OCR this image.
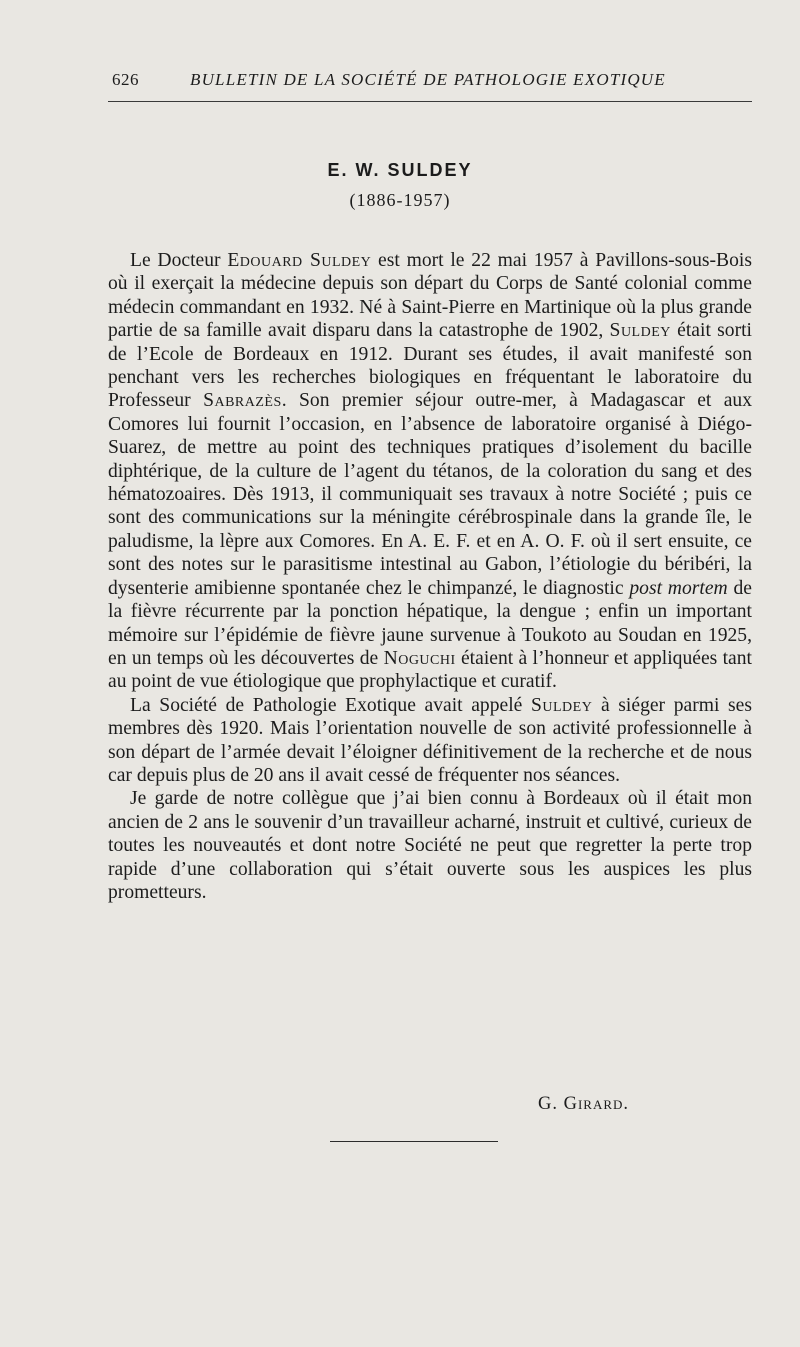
626	BULLETIN DE LA SOCIÉTÉ DE PATHOLOGIE EXOTIQUE
E. W. SULDEY
(1886-1957)

Le Docteur Edouard Suldey est mort le 22 mai 1957 à Pavillons-sous-Bois où il exerçait la médecine depuis son départ du Corps de Santé colonial comme médecin commandant en 1932. Né à Saint-Pierre en Martinique où la plus grande partie de sa famille avait disparu dans la catastrophe de 1902, Suldey était sorti de l’Ecole de Bordeaux en 1912. Durant ses études, il avait manifesté son penchant vers les recherches biologiques en fréquentant le laboratoire du Professeur Sabrazès. Son premier séjour outre-mer, à Madagascar et aux Comores lui fournit l’occasion, en l’absence de laboratoire organisé à Diégo-Suarez, de mettre au point des techniques pratiques d’isolement du bacille diphtérique, de la culture de l’agent du tétanos, de la coloration du sang et des hématozoaires. Dès 1913, il communiquait ses travaux à notre Société ; puis ce sont des communications sur la méningite cérébrospinale dans la grande île, le paludisme, la lèpre aux Comores. En A. E. F. et en A. O. F. où il sert ensuite, ce sont des notes sur le parasitisme intestinal au Gabon, l’étiologie du béribéri, la dysenterie amibienne spontanée chez le chimpanzé, le diagnostic post mortem de la fièvre récurrente par la ponction hépatique, la dengue ; enfin un important mémoire sur l’épidémie de fièvre jaune survenue à Toukoto au Soudan en 1925, en un temps où les découvertes de Noguchi étaient à l’honneur et appliquées tant au point de vue étiologique que prophylactique et curatif.

La Société de Pathologie Exotique avait appelé Suldey à siéger parmi ses membres dès 1920. Mais l’orientation nouvelle de son activité professionnelle à son départ de l’armée devait l’éloigner définitivement de la recherche et de nous car depuis plus de 20 ans il avait cessé de fréquenter nos séances.

Je garde de notre collègue que j’ai bien connu à Bordeaux où il était mon ancien de 2 ans le souvenir d’un travailleur acharné, instruit et cultivé, curieux de toutes les nouveautés et dont notre Société ne peut que regretter la perte trop rapide d’une collaboration qui s’était ouverte sous les auspices les plus prometteurs.

G. Girard.
